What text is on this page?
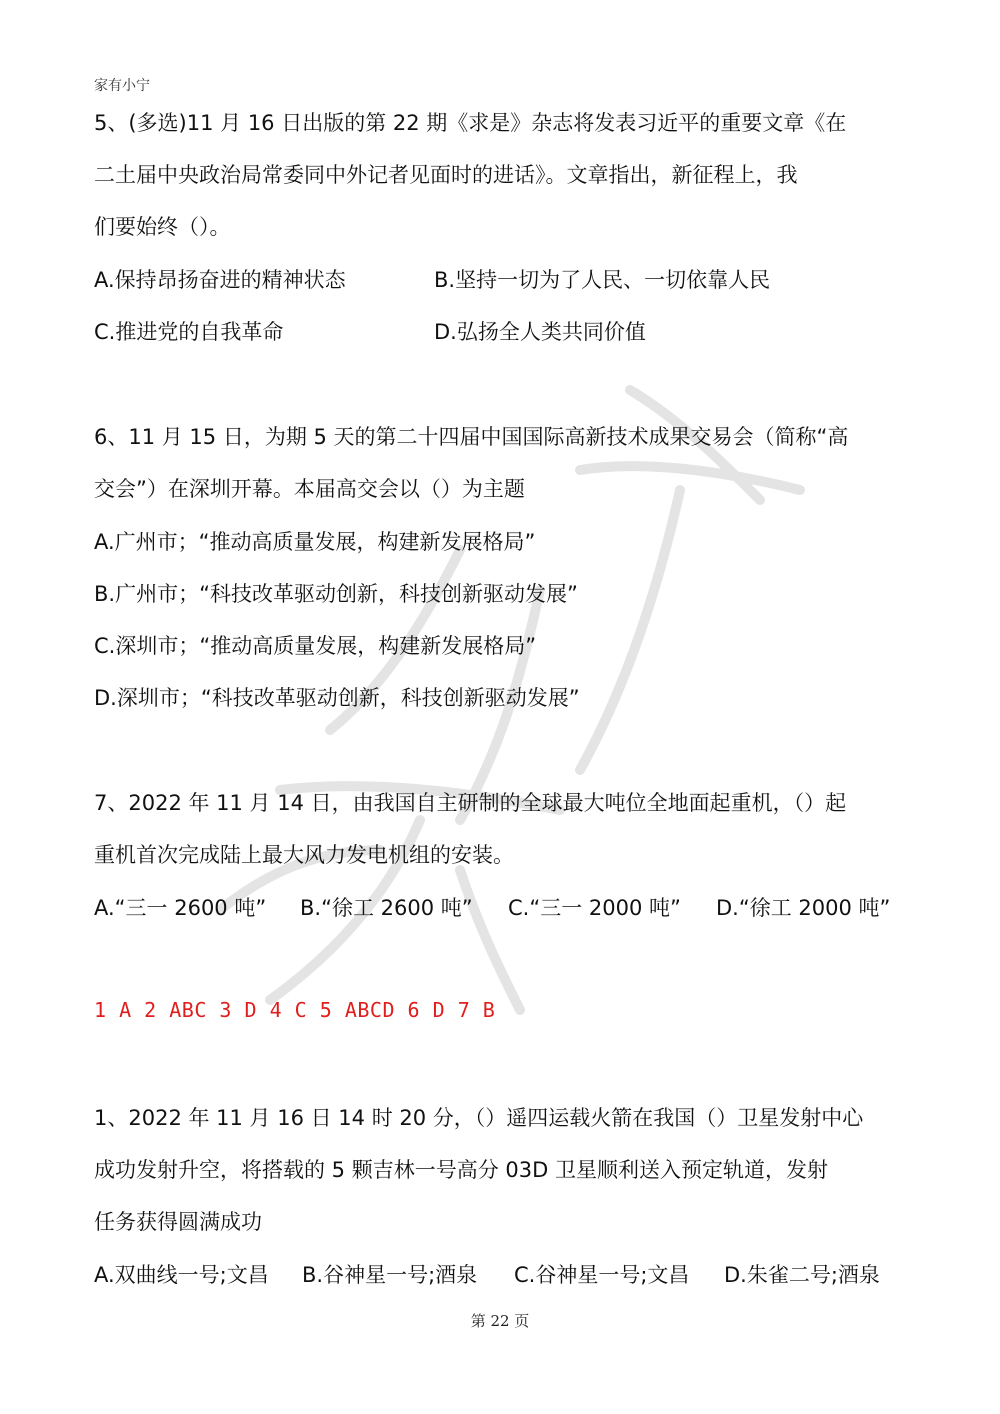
家有小宁
5、(多选)11 月 16 日出版的第 22 期《求是》杂志将发表习近平的重要文章《在
二土届中央政治局常委同中外记者见面时的进话》。文章指出，新征程上，我
们要始终（）。
A.保持昂扬奋进的精神状态	B.坚持一切为了人民、一切依靠人民
C.推进党的自我革命	D.弘扬全人类共同价值
6、11 月 15 日，为期 5 天的第二十四届中国国际高新技术成果交易会（简称“高
交会”）在深圳开幕。本届高交会以（）为主题
A.广州市；“推动高质量发展，构建新发展格局”
B.广州市；“科技改革驱动创新，科技创新驱动发展”
C.深圳市；“推动高质量发展，构建新发展格局”
D.深圳市；“科技改革驱动创新，科技创新驱动发展”
7、2022 年 11 月 14 日，由我国自主研制的全球最大吨位全地面起重机，（）起
重机首次完成陆上最大风力发电机组的安装。
A.“三一 2600 吨” B.“徐工 2600 吨” C.“三一 2000 吨” D.“徐工 2000 吨”
1 A 2 ABC 3 D 4 C 5 ABCD 6 D 7 B
1、2022 年 11 月 16 日 14 时 20 分，（）遥四运载火箭在我国（）卫星发射中心
成功发射升空，将搭载的 5 颗吉林一号高分 03D 卫星顺利送入预定轨道，发射
任务获得圆满成功
A.双曲线一号;文昌 B.谷神星一号;酒泉 C.谷神星一号;文昌 D.朱雀二号;酒泉
第 22 页
